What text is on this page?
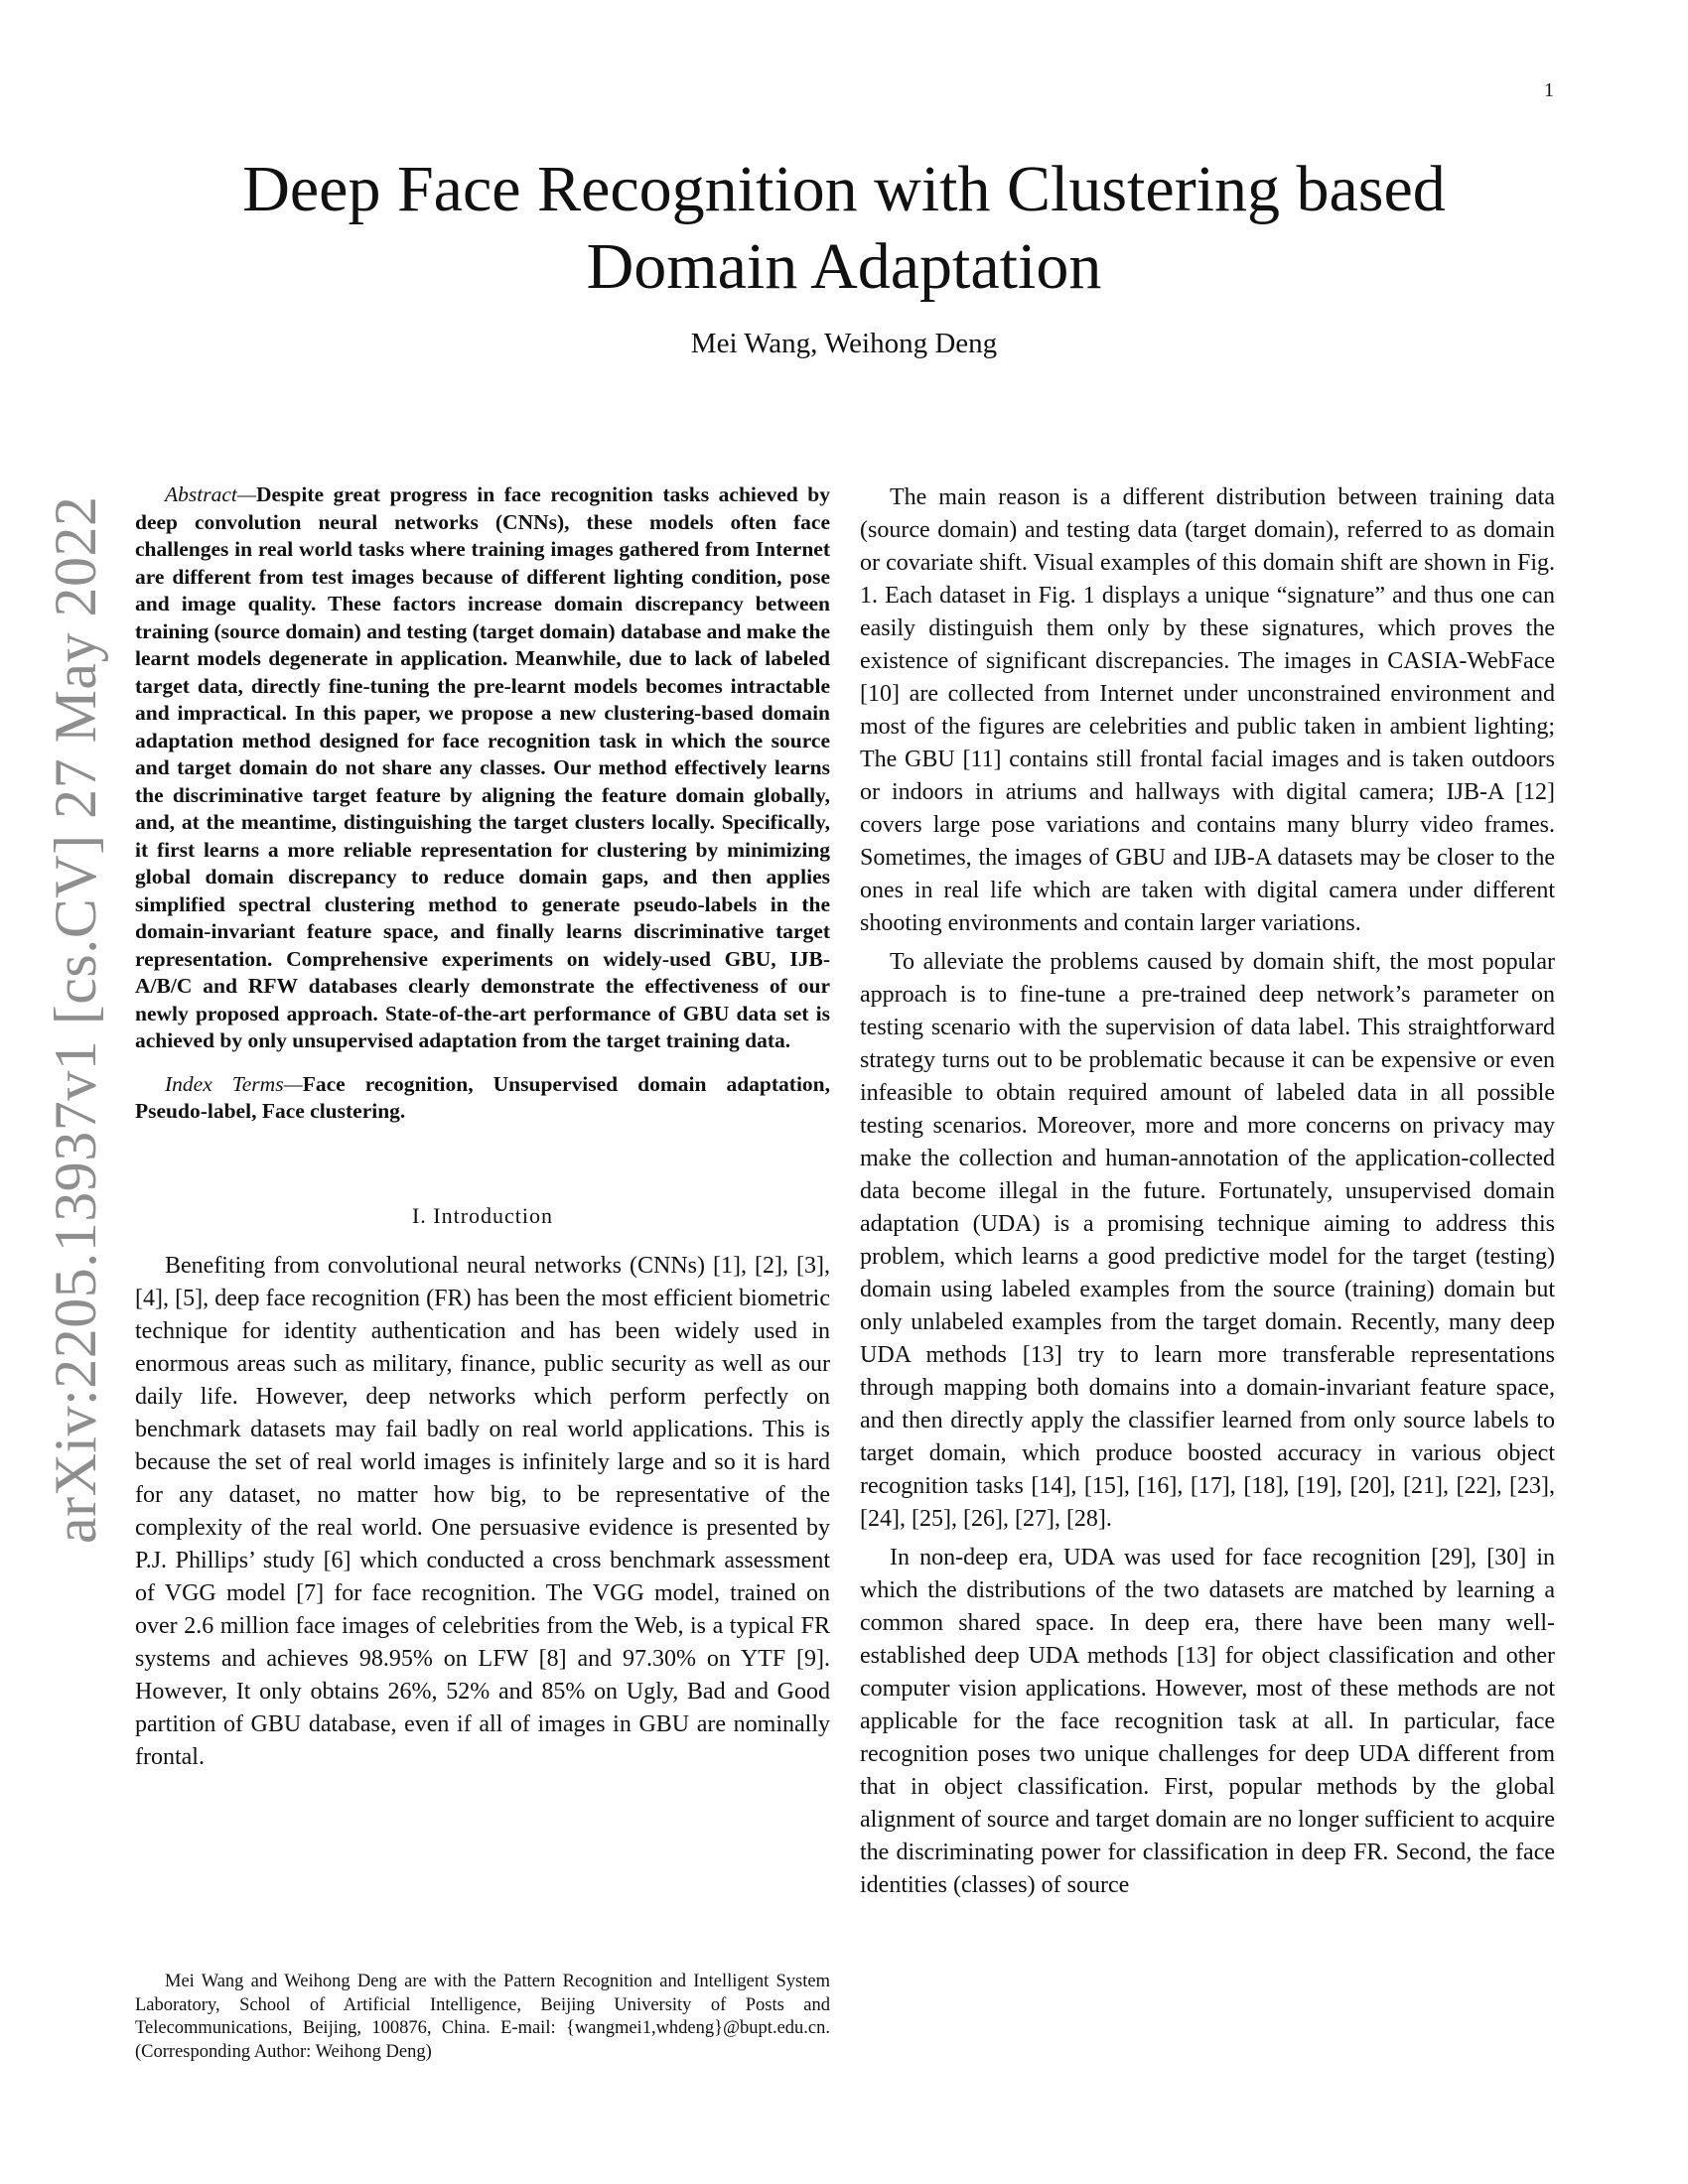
1
arXiv:2205.13937v1 [cs.CV] 27 May 2022
Deep Face Recognition with Clustering based Domain Adaptation
Mei Wang, Weihong Deng

Abstract—Despite great progress in face recognition tasks achieved by deep convolution neural networks (CNNs), these models often face challenges in real world tasks where training images gathered from Internet are different from test images because of different lighting condition, pose and image quality. These factors increase domain discrepancy between training (source domain) and testing (target domain) database and make the learnt models degenerate in application. Meanwhile, due to lack of labeled target data, directly fine-tuning the pre-learnt models becomes intractable and impractical. In this paper, we propose a new clustering-based domain adaptation method designed for face recognition task in which the source and target domain do not share any classes. Our method effectively learns the discriminative target feature by aligning the feature domain globally, and, at the meantime, distinguishing the target clusters locally. Specifically, it first learns a more reliable representation for clustering by minimizing global domain discrepancy to reduce domain gaps, and then applies simplified spectral clustering method to generate pseudo-labels in the domain-invariant feature space, and finally learns discriminative target representation. Comprehensive experiments on widely-used GBU, IJB-A/B/C and RFW databases clearly demonstrate the effectiveness of our newly proposed approach. State-of-the-art performance of GBU data set is achieved by only unsupervised adaptation from the target training data.

Index Terms—Face recognition, Unsupervised domain adaptation, Pseudo-label, Face clustering.

I. Introduction

Benefiting from convolutional neural networks (CNNs) [1], [2], [3], [4], [5], deep face recognition (FR) has been the most efficient biometric technique for identity authentication and has been widely used in enormous areas such as military, finance, public security as well as our daily life. However, deep networks which perform perfectly on benchmark datasets may fail badly on real world applications. This is because the set of real world images is infinitely large and so it is hard for any dataset, no matter how big, to be representative of the complexity of the real world. One persuasive evidence is presented by P.J. Phillips’ study [6] which conducted a cross benchmark assessment of VGG model [7] for face recognition. The VGG model, trained on over 2.6 million face images of celebrities from the Web, is a typical FR systems and achieves 98.95% on LFW [8] and 97.30% on YTF [9]. However, It only obtains 26%, 52% and 85% on Ugly, Bad and Good partition of GBU database, even if all of images in GBU are nominally frontal.

Mei Wang and Weihong Deng are with the Pattern Recognition and Intelligent System Laboratory, School of Artificial Intelligence, Beijing University of Posts and Telecommunications, Beijing, 100876, China. E-mail: {wangmei1,whdeng}@bupt.edu.cn. (Corresponding Author: Weihong Deng)

The main reason is a different distribution between training data (source domain) and testing data (target domain), referred to as domain or covariate shift. Visual examples of this domain shift are shown in Fig. 1. Each dataset in Fig. 1 displays a unique “signature” and thus one can easily distinguish them only by these signatures, which proves the existence of significant discrepancies. The images in CASIA-WebFace [10] are collected from Internet under unconstrained environment and most of the figures are celebrities and public taken in ambient lighting; The GBU [11] contains still frontal facial images and is taken outdoors or indoors in atriums and hallways with digital camera; IJB-A [12] covers large pose variations and contains many blurry video frames. Sometimes, the images of GBU and IJB-A datasets may be closer to the ones in real life which are taken with digital camera under different shooting environments and contain larger variations.

To alleviate the problems caused by domain shift, the most popular approach is to fine-tune a pre-trained deep network’s parameter on testing scenario with the supervision of data label. This straightforward strategy turns out to be problematic because it can be expensive or even infeasible to obtain required amount of labeled data in all possible testing scenarios. Moreover, more and more concerns on privacy may make the collection and human-annotation of the application-collected data become illegal in the future. Fortunately, unsupervised domain adaptation (UDA) is a promising technique aiming to address this problem, which learns a good predictive model for the target (testing) domain using labeled examples from the source (training) domain but only unlabeled examples from the target domain. Recently, many deep UDA methods [13] try to learn more transferable representations through mapping both domains into a domain-invariant feature space, and then directly apply the classifier learned from only source labels to target domain, which produce boosted accuracy in various object recognition tasks [14], [15], [16], [17], [18], [19], [20], [21], [22], [23], [24], [25], [26], [27], [28].

In non-deep era, UDA was used for face recognition [29], [30] in which the distributions of the two datasets are matched by learning a common shared space. In deep era, there have been many well-established deep UDA methods [13] for object classification and other computer vision applications. However, most of these methods are not applicable for the face recognition task at all. In particular, face recognition poses two unique challenges for deep UDA different from that in object classification. First, popular methods by the global alignment of source and target domain are no longer sufficient to acquire the discriminating power for classification in deep FR. Second, the face identities (classes) of source
